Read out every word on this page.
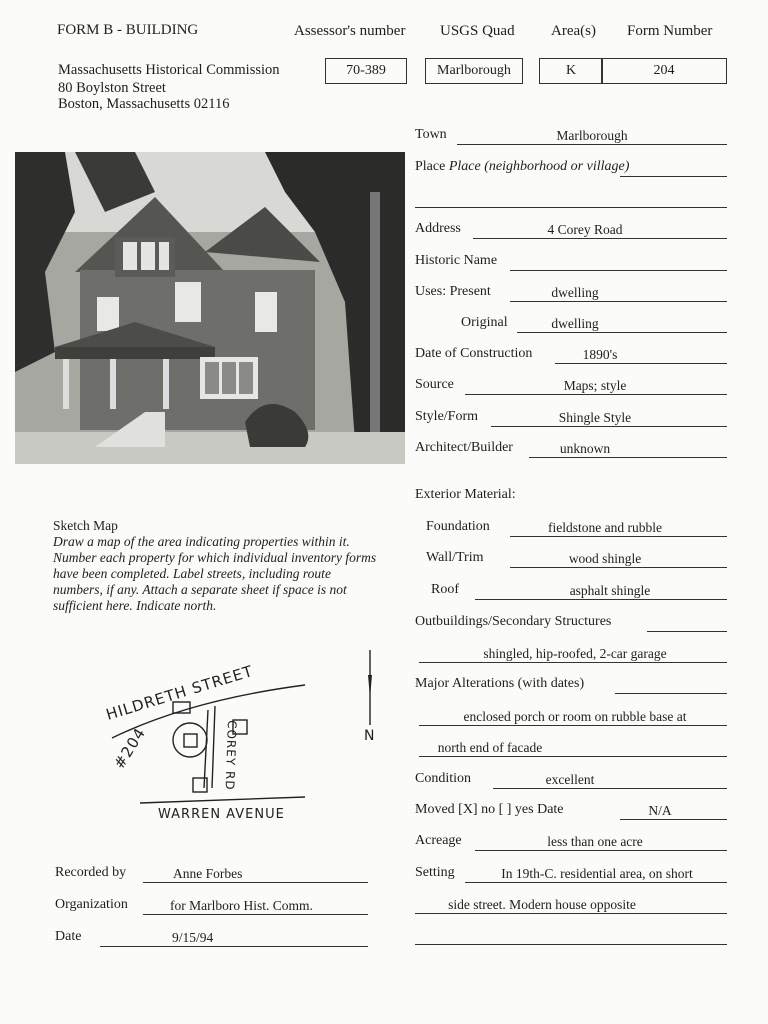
FORM B - BUILDING	Assessor's number USGS Quad Area(s) Form Number
70-389	Marlborough	K	204
Massachusetts Historical Commission
80 Boylston Street
Boston, Massachusetts 02116
Town	Marlborough
Place Place (neighborhood or village)
Address	4 Corey Road
Historic Name
Uses: Present	dwelling
Original	dwelling
Date of Construction	1890's
Source	Maps; style
Style/Form	Shingle Style
Architect/Builder	unknown
Exterior Material:
Foundation	fieldstone and rubble
Wall/Trim	wood shingle
Roof	asphalt shingle
Outbuildings/Secondary Structures
shingled, hip-roofed, 2-car garage
Major Alterations (with dates)
enclosed porch or room on rubble base at
north end of facade
Condition	excellent
Moved [X] no [ ] yes Date	N/A
Acreage	less than one acre
Setting	In 19th-C. residential area, on short
side street. Modern house opposite
Sketch Map
Draw a map of the area indicating properties within it. Number each property for which individual inventory forms have been completed. Label streets, including route numbers, if any. Attach a separate sheet if space is not sufficient here. Indicate north.
HILDRETH STREET
COREY RD
WARREN AVENUE
#204	N
Recorded by	Anne Forbes
Organization	for Marlboro Hist. Comm.
Date	9/15/94
